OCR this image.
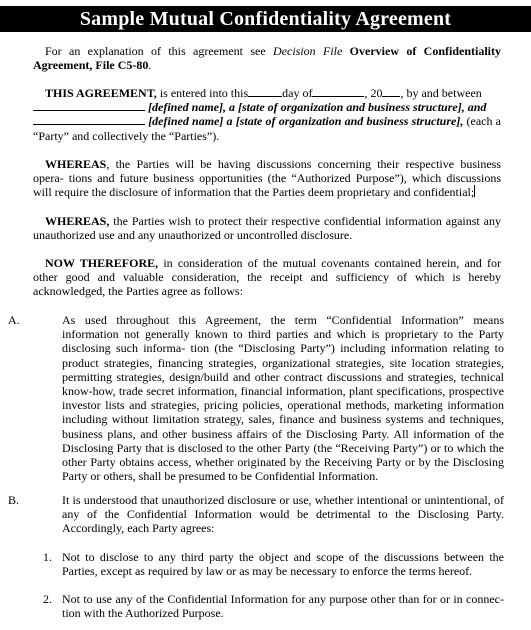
Sample Mutual Confidentiality Agreement
For an explanation of this agreement see Decision File Overview of Confidentiality Agreement, File C5-80.
THIS AGREEMENT, is entered into this	day of	, 20 , by and between
[defined name], a [state of organization and business structure], and
[defined name] a [state of organization and business structure], (each a “Party” and collectively the “Parties”).
WHEREAS, the Parties will be having discussions concerning their respective business opera- tions and future business opportunities (the “Authorized Purpose”), which discussions will require the disclosure of information that the Parties deem proprietary and confidential;
WHEREAS, the Parties wish to protect their respective confidential information against any unauthorized use and any unauthorized or uncontrolled disclosure.
NOW THEREFORE, in consideration of the mutual covenants contained herein, and for other good and valuable consideration, the receipt and sufficiency of which is hereby acknowledged, the Parties agree as follows:
A.	As used throughout this Agreement, the term “Confidential Information” means information not generally known to third parties and which is proprietary to the Party disclosing such informa- tion (the “Disclosing Party”) including information relating to product strategies, financing strategies, organizational strategies, site location strategies, permitting strategies, design/build and other contract discussions and strategies, technical know-how, trade secret information, financial information, plant specifications, prospective investor lists and strategies, pricing policies, operational methods, marketing information including without limitation strategy, sales, finance and business systems and techniques, business plans, and other business affairs of the Disclosing Party. All information of the Disclosing Party that is disclosed to the other Party (the “Receiving Party”) or to which the other Party obtains access, whether originated by the Receiving Party or by the Disclosing Party or others, shall be presumed to be Confidential Information.
B.	It is understood that unauthorized disclosure or use, whether intentional or unintentional, of any of the Confidential Information would be detrimental to the Disclosing Party. Accordingly, each Party agrees:
1. Not to disclose to any third party the object and scope of the discussions between the Parties, except as required by law or as may be necessary to enforce the terms hereof.
2. Not to use any of the Confidential Information for any purpose other than for or in connec- tion with the Authorized Purpose.
